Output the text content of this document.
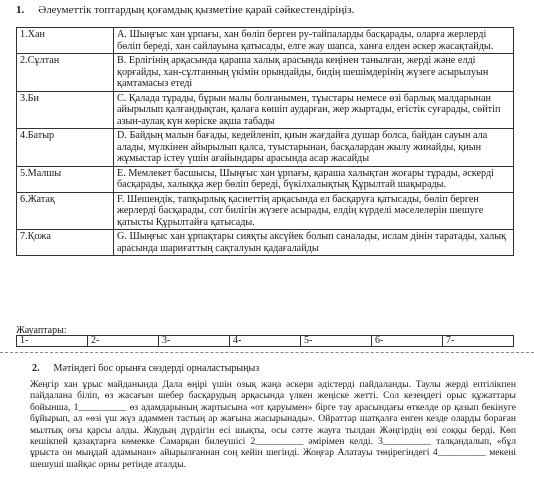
1. Әлеуметтік топтардың қоғамдық қызметіне қарай сәйкестендіріңіз.
1.Хан	А. Шыңғыс хан ұрпағы, хан бөліп берген ру-тайпаларды басқарады, оларға жерлерді бөліп береді, хан сайлауына қатысады, елге жау шапса, ханға елден әскер жасақтайды.
2.Сұлтан	В. Ерлігінің арқасында қараша халық арасында кеңінен танылған, жерді және елді қорғайды, хан-сұлтанның үкімін орындайды, бидің шешімдерінің жүзеге асырылуын қамтамасыз етеді
3.Би	С. Қалада тұрады, бұрын малы болғанымен, тұыстары немесе өзі барлық малдарынан айырылып қалғандықтан, қалаға көшіп аударған, жер жыртады, егістік суғарады, сөйтіп азын-аулақ күн көріске ақша табады
4.Батыр	D. Байдың малын бағады, кедейленіп, қиын жағдайға душар болса, байдан сауын ала алады, мүлкінен айырылып қалса, туыстарынан, басқалардан жылу жинайды, қиын жұмыстар істеу үшін ағайындары арасында асар жасайды
5.Малшы	Е. Мемлекет басшысы, Шыңғыс хан ұрпағы, қараша халықтан жоғары тұрады, әскерді басқарады, халыққа жер бөліп береді, бүкілхалықтық Құрылтай шақырады.
6.Жатақ	F. Шешендік, тапқырлық қасиеттің арқасында ел басқаруға қатысады, бөліп берген жерлерді басқарады, сот билігін жүзеге асырады, елдің күрделі мәселелерін шешуге қатысты Құрылтайға қатысады.
7.Қожа	G. Шыңғыс хан ұрпақтары сияқты аксүйек болып саналады, ислам дінін таратады, халық арасында шариғаттың сақталуын қадағалайды
Жауаптары:
1-	2-	3-	4-	5-	6-	7-
2. Мәтіндегі бос орынға сөздерді орналастырыңыз
Жеңгір хан ұрыс майданында Дала өңірі үшін озық жаңа әскери әдістерді пайдаланды. Таулы жерді ептілікпен пайдалана біліп, өз жасағын шебер басқарудың арқасында үлкен жеңіске жетті. Сол кезеңдегі орыс құжаттары бойынша, 1__________ өз адамдарының жартысына «от қаруымен» бірге тау арасындағы өткелде ор қазып бекінуге бұйырып, ал «өзі үш жүз адаммен тастың ар жағына жасырынады». Ойраттар шатқалға енген кезде оларды бораған мылтық оғы қарсы алды. Жаудың дүрдігін есі шықты, осы сәтте жауға тылдан Жәңгірдің өзі соққы берді. Көп кешікпей қазақтарға көмекке Самарқан билеушісі 2__________ әмірімен келді. 3__________ талқандалып, «бұл ұрыста он мыңдай адамынан» айырылғаннан соң кейін шегінді. Жоңғар Алатауы төңірегіндегі 4__________ мекені шешуші шайқас орны ретінде аталды.
